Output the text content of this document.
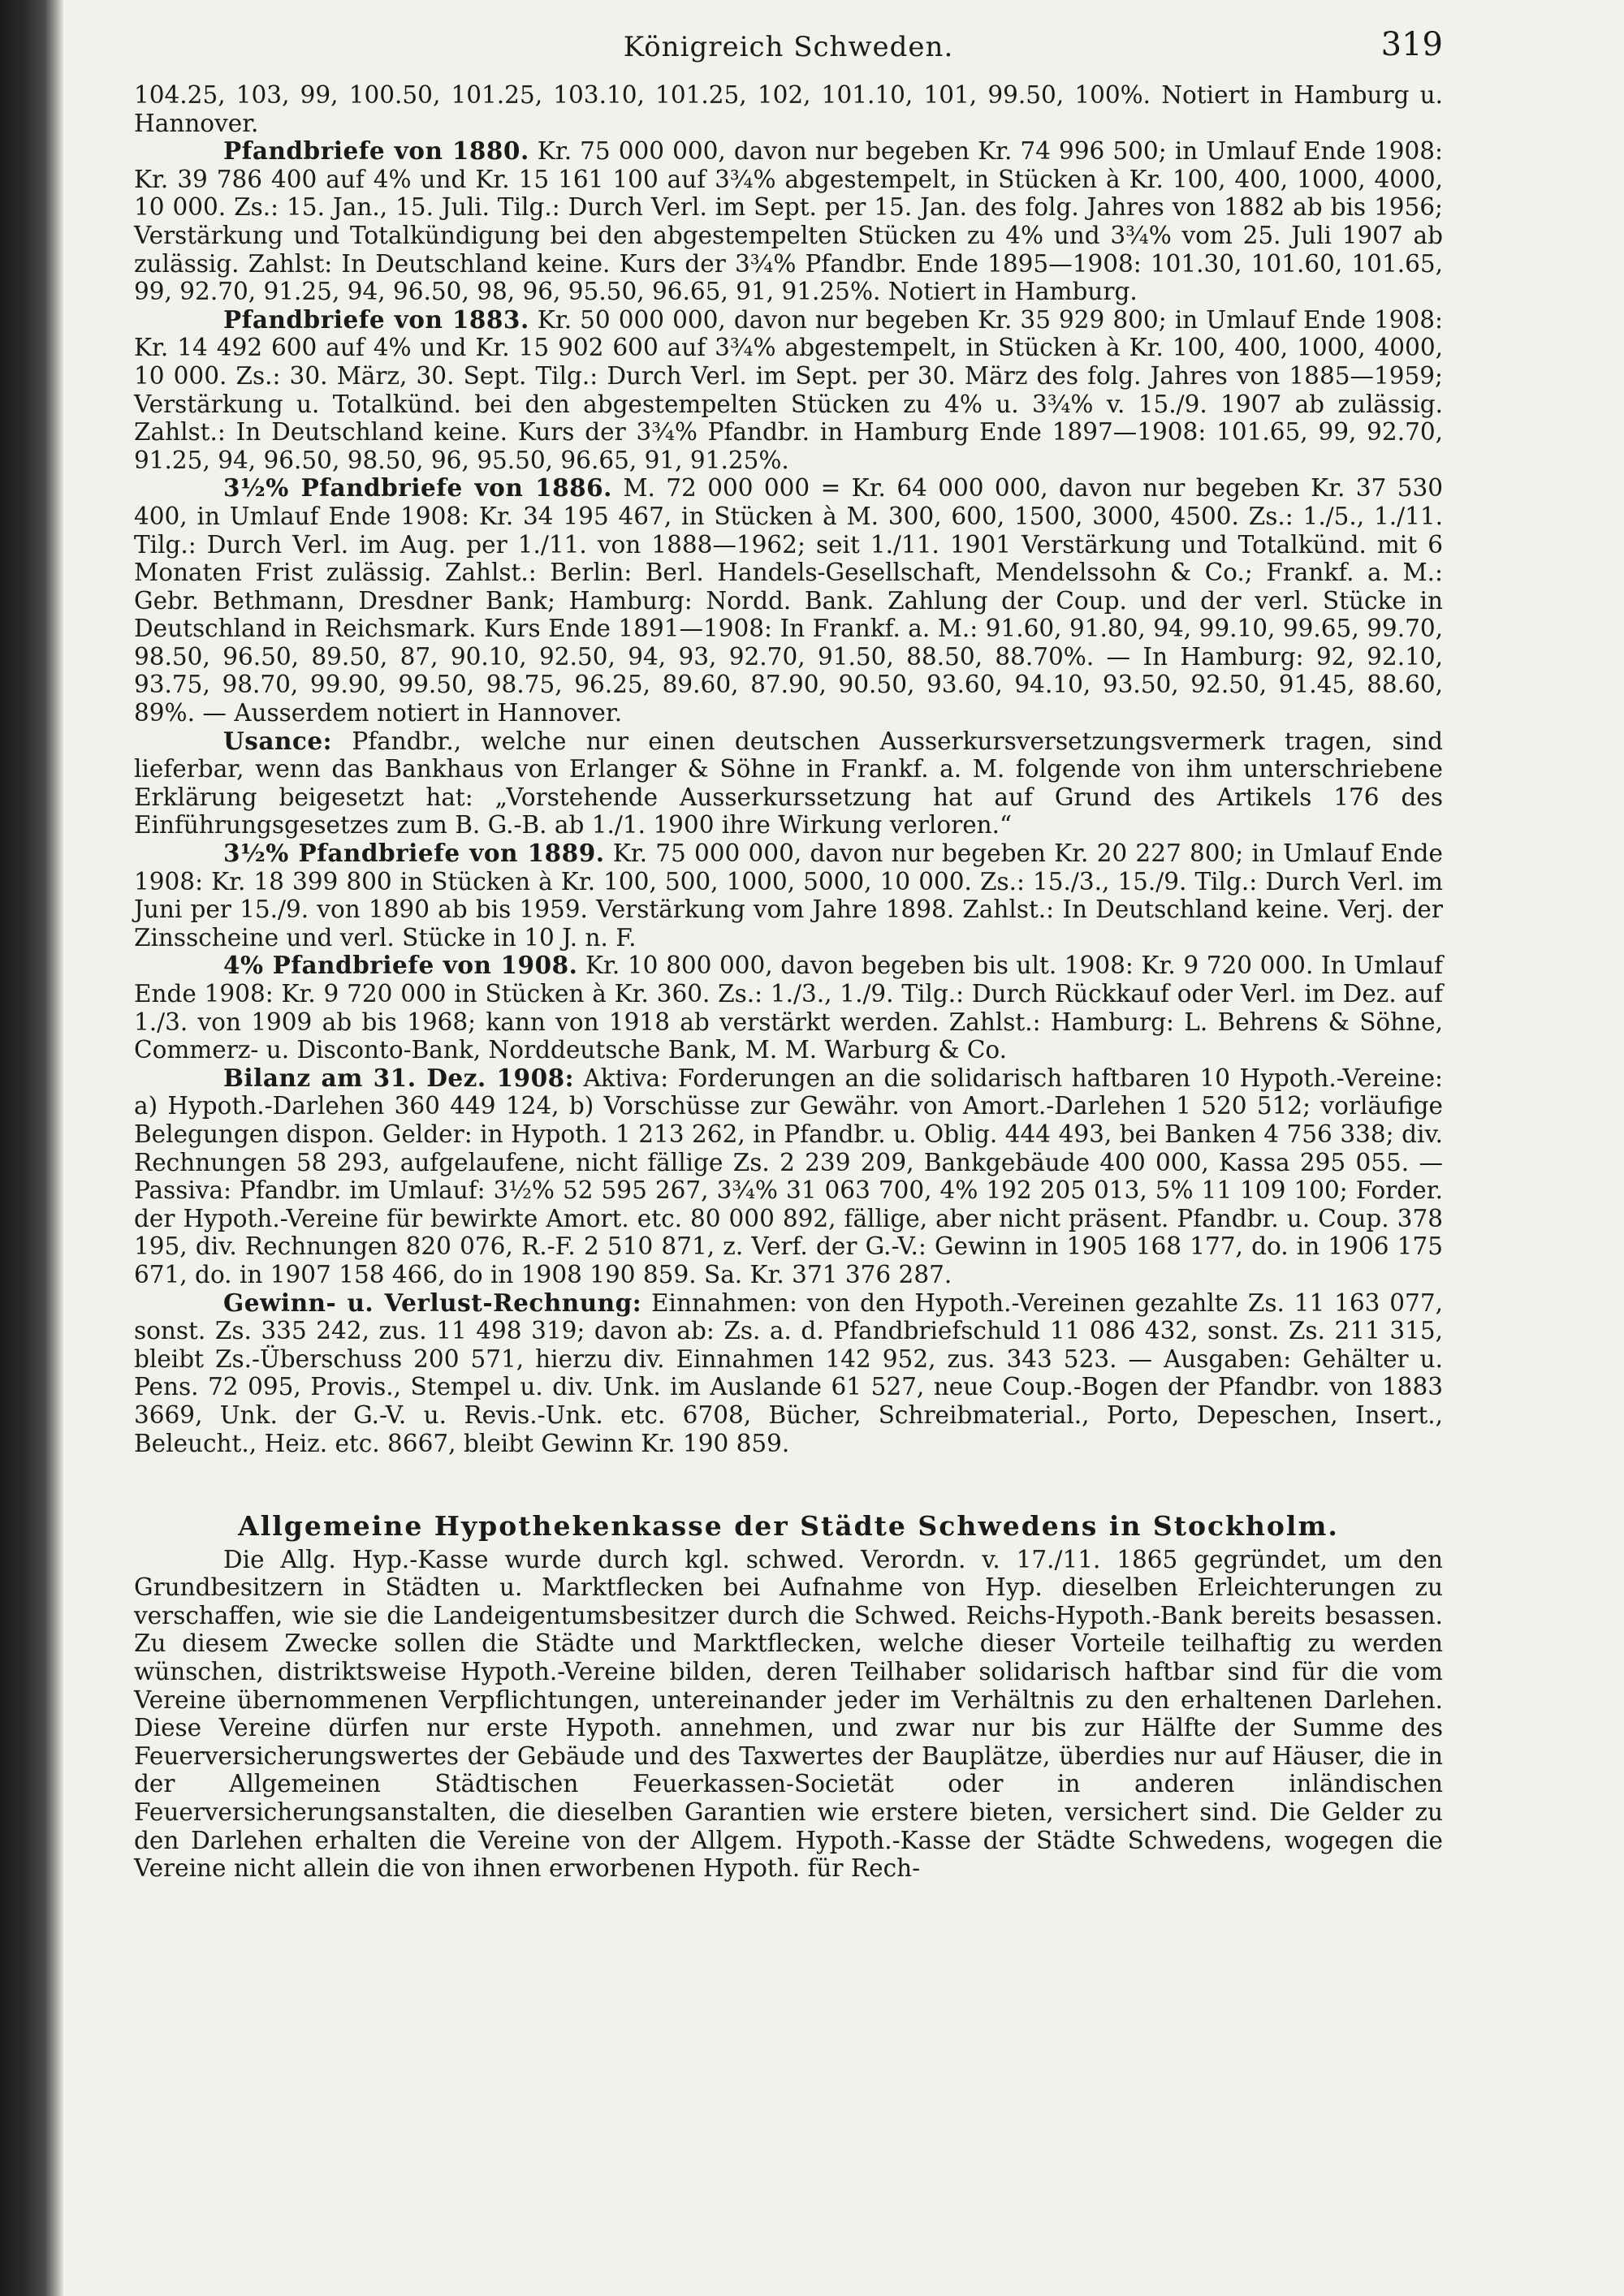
Königreich Schweden.	319

104.25, 103, 99, 100.50, 101.25, 103.10, 101.25, 102, 101.10, 101, 99.50, 100%. Notiert in Hamburg u. Hannover.

Pfandbriefe von 1880. Kr. 75 000 000, davon nur begeben Kr. 74 996 500; in Umlauf Ende 1908: Kr. 39 786 400 auf 4% und Kr. 15 161 100 auf 3¾% abgestempelt, in Stücken à Kr. 100, 400, 1000, 4000, 10 000. Zs.: 15. Jan., 15. Juli. Tilg.: Durch Verl. im Sept. per 15. Jan. des folg. Jahres von 1882 ab bis 1956; Verstärkung und Totalkündigung bei den abgestempelten Stücken zu 4% und 3¾% vom 25. Juli 1907 ab zulässig. Zahlst: In Deutschland keine. Kurs der 3¾% Pfandbr. Ende 1895—1908: 101.30, 101.60, 101.65, 99, 92.70, 91.25, 94, 96.50, 98, 96, 95.50, 96.65, 91, 91.25%. Notiert in Hamburg.

Pfandbriefe von 1883. Kr. 50 000 000, davon nur begeben Kr. 35 929 800; in Umlauf Ende 1908: Kr. 14 492 600 auf 4% und Kr. 15 902 600 auf 3¾% abgestempelt, in Stücken à Kr. 100, 400, 1000, 4000, 10 000. Zs.: 30. März, 30. Sept. Tilg.: Durch Verl. im Sept. per 30. März des folg. Jahres von 1885—1959; Verstärkung u. Totalkünd. bei den abgestempelten Stücken zu 4% u. 3¾% v. 15./9. 1907 ab zulässig. Zahlst.: In Deutschland keine. Kurs der 3¾% Pfandbr. in Hamburg Ende 1897—1908: 101.65, 99, 92.70, 91.25, 94, 96.50, 98.50, 96, 95.50, 96.65, 91, 91.25%.

3½% Pfandbriefe von 1886. M. 72 000 000 = Kr. 64 000 000, davon nur begeben Kr. 37 530 400, in Umlauf Ende 1908: Kr. 34 195 467, in Stücken à M. 300, 600, 1500, 3000, 4500. Zs.: 1./5., 1./11. Tilg.: Durch Verl. im Aug. per 1./11. von 1888—1962; seit 1./11. 1901 Verstärkung und Totalkünd. mit 6 Monaten Frist zulässig. Zahlst.: Berlin: Berl. Handels-Gesellschaft, Mendelssohn & Co.; Frankf. a. M.: Gebr. Bethmann, Dresdner Bank; Hamburg: Nordd. Bank. Zahlung der Coup. und der verl. Stücke in Deutschland in Reichsmark. Kurs Ende 1891—1908: In Frankf. a. M.: 91.60, 91.80, 94, 99.10, 99.65, 99.70, 98.50, 96.50, 89.50, 87, 90.10, 92.50, 94, 93, 92.70, 91.50, 88.50, 88.70%. — In Hamburg: 92, 92.10, 93.75, 98.70, 99.90, 99.50, 98.75, 96.25, 89.60, 87.90, 90.50, 93.60, 94.10, 93.50, 92.50, 91.45, 88.60, 89%. — Ausserdem notiert in Hannover.

Usance: Pfandbr., welche nur einen deutschen Ausserkursversetzungsvermerk tragen, sind lieferbar, wenn das Bankhaus von Erlanger & Söhne in Frankf. a. M. folgende von ihm unterschriebene Erklärung beigesetzt hat: „Vorstehende Ausserkurssetzung hat auf Grund des Artikels 176 des Einführungsgesetzes zum B. G.-B. ab 1./1. 1900 ihre Wirkung verloren.“

3½% Pfandbriefe von 1889. Kr. 75 000 000, davon nur begeben Kr. 20 227 800; in Umlauf Ende 1908: Kr. 18 399 800 in Stücken à Kr. 100, 500, 1000, 5000, 10 000. Zs.: 15./3., 15./9. Tilg.: Durch Verl. im Juni per 15./9. von 1890 ab bis 1959. Verstärkung vom Jahre 1898. Zahlst.: In Deutschland keine. Verj. der Zinsscheine und verl. Stücke in 10 J. n. F.

4% Pfandbriefe von 1908. Kr. 10 800 000, davon begeben bis ult. 1908: Kr. 9 720 000. In Umlauf Ende 1908: Kr. 9 720 000 in Stücken à Kr. 360. Zs.: 1./3., 1./9. Tilg.: Durch Rückkauf oder Verl. im Dez. auf 1./3. von 1909 ab bis 1968; kann von 1918 ab verstärkt werden. Zahlst.: Hamburg: L. Behrens & Söhne, Commerz- u. Disconto-Bank, Norddeutsche Bank, M. M. Warburg & Co.

Bilanz am 31. Dez. 1908: Aktiva: Forderungen an die solidarisch haftbaren 10 Hypoth.-Vereine: a) Hypoth.-Darlehen 360 449 124, b) Vorschüsse zur Gewähr. von Amort.-Darlehen 1 520 512; vorläufige Belegungen dispon. Gelder: in Hypoth. 1 213 262, in Pfandbr. u. Oblig. 444 493, bei Banken 4 756 338; div. Rechnungen 58 293, aufgelaufene, nicht fällige Zs. 2 239 209, Bankgebäude 400 000, Kassa 295 055. — Passiva: Pfandbr. im Umlauf: 3½% 52 595 267, 3¾% 31 063 700, 4% 192 205 013, 5% 11 109 100; Forder. der Hypoth.-Vereine für bewirkte Amort. etc. 80 000 892, fällige, aber nicht präsent. Pfandbr. u. Coup. 378 195, div. Rechnungen 820 076, R.-F. 2 510 871, z. Verf. der G.-V.: Gewinn in 1905 168 177, do. in 1906 175 671, do. in 1907 158 466, do in 1908 190 859. Sa. Kr. 371 376 287.

Gewinn- u. Verlust-Rechnung: Einnahmen: von den Hypoth.-Vereinen gezahlte Zs. 11 163 077, sonst. Zs. 335 242, zus. 11 498 319; davon ab: Zs. a. d. Pfandbriefschuld 11 086 432, sonst. Zs. 211 315, bleibt Zs.-Überschuss 200 571, hierzu div. Einnahmen 142 952, zus. 343 523. — Ausgaben: Gehälter u. Pens. 72 095, Provis., Stempel u. div. Unk. im Auslande 61 527, neue Coup.-Bogen der Pfandbr. von 1883 3669, Unk. der G.-V. u. Revis.-Unk. etc. 6708, Bücher, Schreibmaterial., Porto, Depeschen, Insert., Beleucht., Heiz. etc. 8667, bleibt Gewinn Kr. 190 859.

Allgemeine Hypothekenkasse der Städte Schwedens in Stockholm.

Die Allg. Hyp.-Kasse wurde durch kgl. schwed. Verordn. v. 17./11. 1865 gegründet, um den Grundbesitzern in Städten u. Marktflecken bei Aufnahme von Hyp. dieselben Erleichterungen zu verschaffen, wie sie die Landeigentumsbesitzer durch die Schwed. Reichs-Hypoth.-Bank bereits besassen. Zu diesem Zwecke sollen die Städte und Marktflecken, welche dieser Vorteile teilhaftig zu werden wünschen, distriktsweise Hypoth.-Vereine bilden, deren Teilhaber solidarisch haftbar sind für die vom Vereine übernommenen Verpflichtungen, untereinander jeder im Verhältnis zu den erhaltenen Darlehen. Diese Vereine dürfen nur erste Hypoth. annehmen, und zwar nur bis zur Hälfte der Summe des Feuerversicherungswertes der Gebäude und des Taxwertes der Bauplätze, überdies nur auf Häuser, die in der Allgemeinen Städtischen Feuerkassen-Societät oder in anderen inländischen Feuerversicherungsanstalten, die dieselben Garantien wie erstere bieten, versichert sind. Die Gelder zu den Darlehen erhalten die Vereine von der Allgem. Hypoth.-Kasse der Städte Schwedens, wogegen die Vereine nicht allein die von ihnen erworbenen Hypoth. für Rech-
